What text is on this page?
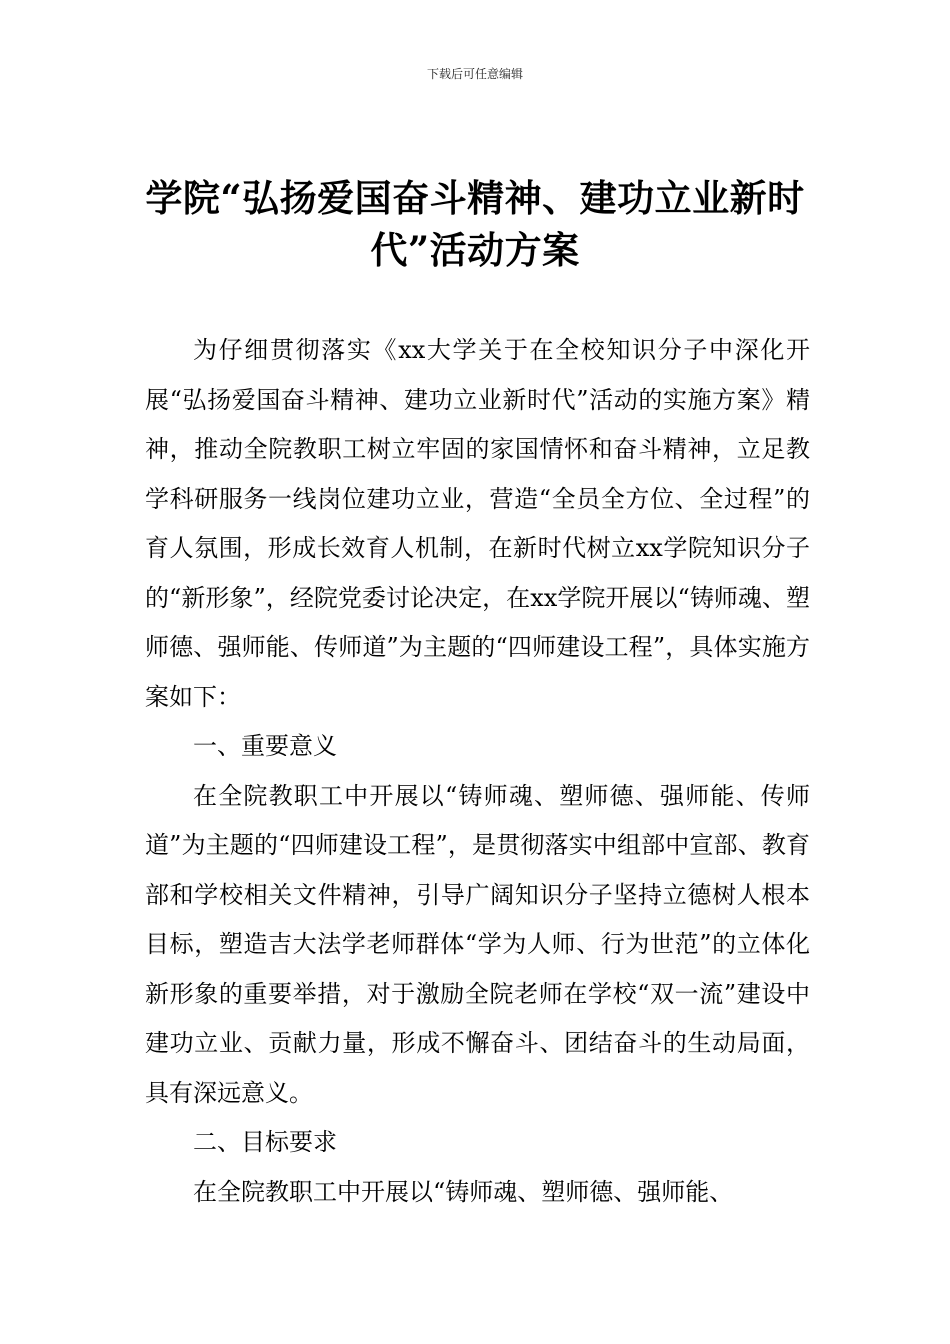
下载后可任意编辑
学院“弘扬爱国奋斗精神、建功立业新时
代”活动方案

为仔细贯彻落实《xx大学关于在全校知识分子中深化开展“弘扬爱国奋斗精神、建功立业新时代”活动的实施方案》精神，推动全院教职工树立牢固的家国情怀和奋斗精神，立足教学科研服务一线岗位建功立业，营造“全员全方位、全过程”的育人氛围，形成长效育人机制，在新时代树立xx学院知识分子的“新形象”，经院党委讨论决定，在xx学院开展以“铸师魂、塑师德、强师能、传师道”为主题的“四师建设工程”，具体实施方案如下：

一、重要意义

在全院教职工中开展以“铸师魂、塑师德、强师能、传师道”为主题的“四师建设工程”，是贯彻落实中组部中宣部、教育部和学校相关文件精神，引导广阔知识分子坚持立德树人根本目标，塑造吉大法学老师群体“学为人师、行为世范”的立体化新形象的重要举措，对于激励全院老师在学校“双一流”建设中建功立业、贡献力量，形成不懈奋斗、团结奋斗的生动局面，具有深远意义。

二、目标要求

在全院教职工中开展以“铸师魂、塑师德、强师能、
